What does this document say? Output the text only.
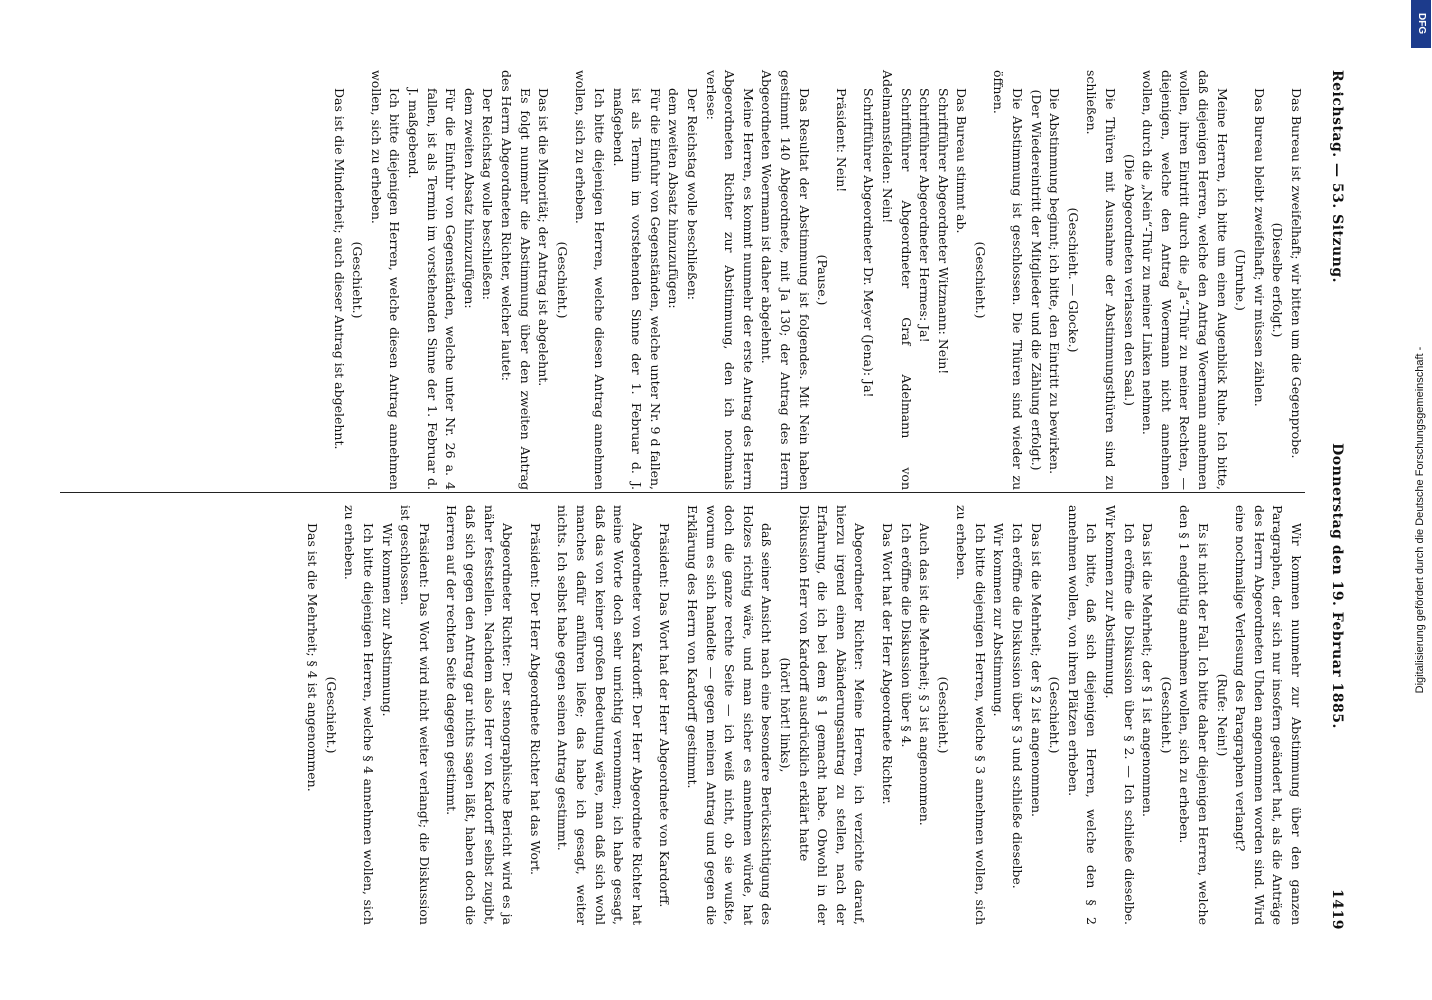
Reichstag. — 53. Sitzung.
Donnerstag den 19. Februar 1885.
1419

Das Bureau ist zweifelhaft; wir bitten um die Gegenprobe.

(Dieselbe erfolgt.)

Das Bureau bleibt zweifelhaft; wir müssen zählen.

(Unruhe.)

Meine Herren, ich bitte um einen Augenblick Ruhe. Ich bitte, daß diejenigen Herren, welche den Antrag Woermann annehmen wollen, ihren Eintritt durch die „Ja“-Thür zu meiner Rechten, — diejenigen, welche den Antrag Woermann nicht annehmen wollen, durch die „Nein“-Thür zu meiner Linken nehmen.

(Die Abgeordneten verlassen den Saal.)

Die Thüren mit Ausnahme der Abstimmungsthüren sind zu schließen.

(Geschieht. — Glocke.)

Die Abstimmung beginnt; ich bitte, den Eintritt zu bewirken.

(Der Wiedereintritt der Mitglieder und die Zählung erfolgt.)

Die Abstimmung ist geschlossen. Die Thüren sind wieder zu öffnen.

(Geschieht.)

Das Bureau stimmt ab.

Schriftführer Abgeordneter Witzmann: Nein!

Schriftführer Abgeordneter Hermes: Ja!

Schriftführer Abgeordneter Graf Adelmann von Adelmannsfelden: Nein!

Schriftführer Abgeordneter Dr. Meyer (Jena): Ja!

Präsident: Nein!

(Pause.)

Das Resultat der Abstimmung ist folgendes. Mit Nein haben gestimmt 140 Abgeordnete, mit Ja 130; der Antrag des Herrn Abgeordneten Woermann ist daher abgelehnt.

Meine Herren, es kommt nunmehr der erste Antrag des Herrn Abgeordneten Richter zur Abstimmung, den ich nochmals verlese:

Der Reichstag wolle beschließen:

dem zweiten Absatz hinzuzufügen:

Für die Einfuhr von Gegenständen, welche unter Nr. 9 d fallen, ist als Termin im vorstehenden Sinne der 1. Februar d. J. maßgebend.

Ich bitte diejenigen Herren, welche diesen Antrag annehmen wollen, sich zu erheben.

(Geschieht.)

Das ist die Minorität; der Antrag ist abgelehnt.

Es folgt nunmehr die Abstimmung über den zweiten Antrag des Herrn Abgeordneten Richter, welcher lautet:

Der Reichstag wolle beschließen:

dem zweiten Absatz hinzuzufügen:

Für die Einfuhr von Gegenständen, welche unter Nr. 26 a. 4 fallen, ist als Termin im vorstehenden Sinne der 1. Februar d. J. maßgebend.

Ich bitte diejenigen Herren, welche diesen Antrag annehmen wollen, sich zu erheben.

(Geschieht.)

Das ist die Minderheit; auch dieser Antrag ist abgelehnt.

Wir kommen nunmehr zur Abstimmung über den ganzen Paragraphen, der sich nur insofern geändert hat, als die Anträge des Herrn Abgeordneten Uhden angenommen worden sind. Wird eine nochmalige Verlesung des Paragraphen verlangt?

(Rufe: Nein!)

Es ist nicht der Fall. Ich bitte daher diejenigen Herren, welche den § 1 endgültig annehmen wollen, sich zu erheben.

(Geschieht.)

Das ist die Mehrheit; der § 1 ist angenommen.

Ich eröffne die Diskussion über § 2. — Ich schließe dieselbe. Wir kommen zur Abstimmung.

Ich bitte, daß sich diejenigen Herren, welche den § 2 annehmen wollen, von ihren Plätzen erheben.

(Geschieht.)

Das ist die Mehrheit; der § 2 ist angenommen.

Ich eröffne die Diskussion über § 3 und schließe dieselbe.

Wir kommen zur Abstimmung.

Ich bitte diejenigen Herren, welche § 3 annehmen wollen, sich zu erheben.

(Geschieht.)

Auch das ist die Mehrheit; § 3 ist angenommen.

Ich eröffne die Diskussion über § 4.

Das Wort hat der Herr Abgeordnete Richter.

Abgeordneter Richter: Meine Herren, ich verzichte darauf, hierzu irgend einen Abänderungsantrag zu stellen, nach der Erfahrung, die ich bei dem § 1 gemacht habe. Obwohl in der Diskussion Herr von Kardorff ausdrücklich erklärt hatte

(hört! hört! links),

daß seiner Ansicht nach eine besondere Berücksichtigung des Holzes richtig wäre, und man sicher es annehmen würde, hat doch die ganze rechte Seite — ich weiß nicht, ob sie wußte, worum es sich handelte — gegen meinen Antrag und gegen die Erklärung des Herrn von Kardorff gestimmt.

Präsident: Das Wort hat der Herr Abgeordnete von Kardorff.

Abgeordneter von Kardorff: Der Herr Abgeordnete Richter hat meine Worte doch sehr unrichtig vernommen; ich habe gesagt, daß das von keiner großen Bedeutung wäre, man daß sich wohl manches dafür anführen ließe; das habe ich gesagt, weiter nichts. Ich selbst habe gegen seinen Antrag gestimmt.

Präsident: Der Herr Abgeordnete Richter hat das Wort.

Abgeordneter Richter: Der stenographische Bericht wird es ja näher feststellen. Nachdem also Herr von Kardorff selbst zugibt, daß sich gegen den Antrag gar nichts sagen läßt, haben doch die Herren auf der rechten Seite dagegen gestimmt.

Präsident: Das Wort wird nicht weiter verlangt; die Diskussion ist geschlossen.

Wir kommen zur Abstimmung.

Ich bitte diejenigen Herren, welche § 4 annehmen wollen, sich zu erheben.

(Geschieht.)

Das ist die Mehrheit; § 4 ist angenommen.

DFG
Digitalisierung gefördert durch die Deutsche Forschungsgemeinschaft -
